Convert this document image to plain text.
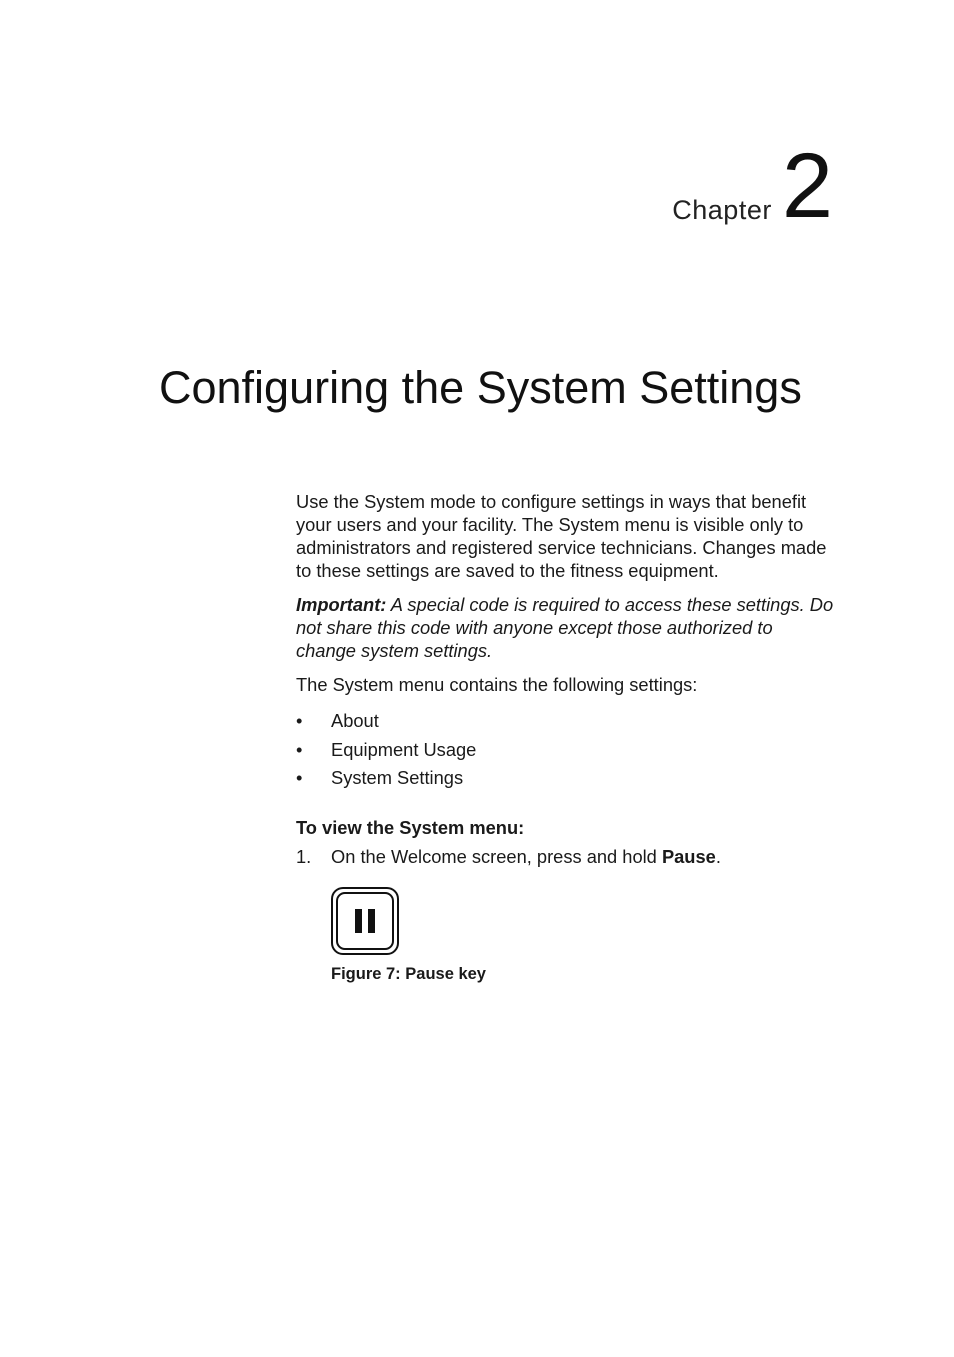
Chapter 2
Configuring the System Settings

Use the System mode to configure settings in ways that benefit your users and your facility. The System menu is visible only to administrators and registered service technicians. Changes made to these settings are saved to the fitness equipment.

Important: A special code is required to access these settings. Do not share this code with anyone except those authorized to change system settings.

The System menu contains the following settings:

• About
• Equipment Usage
• System Settings
To view the System menu:
1. On the Welcome screen, press and hold Pause.
Figure 7: Pause key
